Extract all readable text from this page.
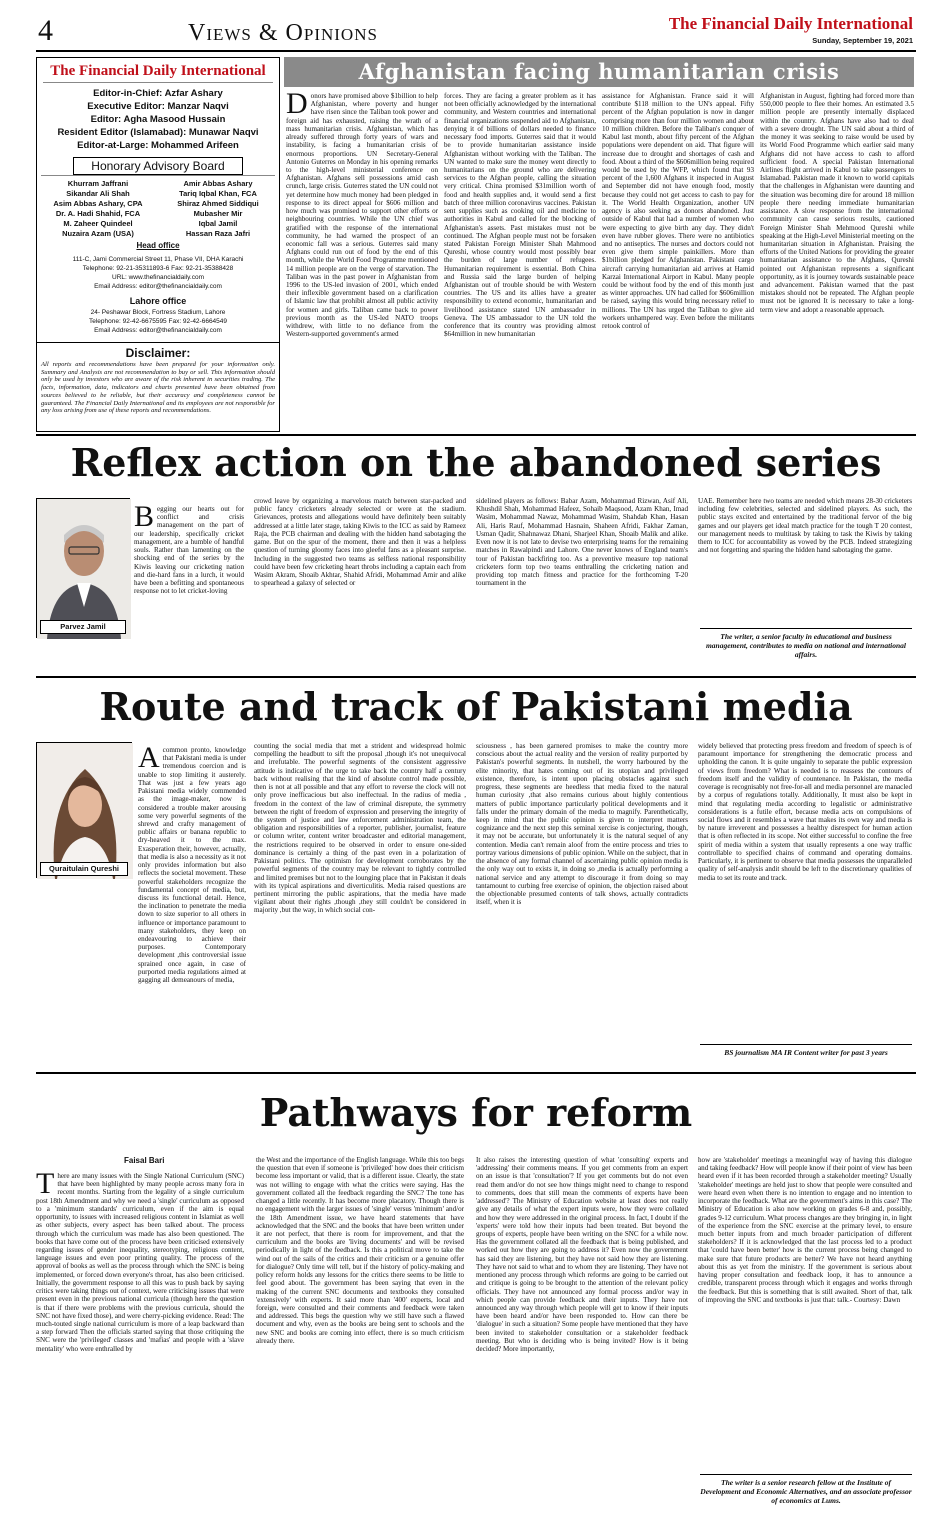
4	Views & Opinions	The Financial Daily International
Sunday, September 19, 2021
The Financial Daily International
Editor-in-Chief: Azfar Ashary
Executive Editor: Manzar Naqvi
Editor: Agha Masood Hussain
Resident Editor (Islamabad): Munawar Naqvi
Editor-at-Large: Mohammed Arifeen
Honorary Advisory Board
Khurram Jaffrani
Sikandar Ali Shah
Asim Abbas Ashary, CPA
Dr. A. Hadi Shahid, FCA
M. Zaheer Quindeel
Nuzaira Azam (USA)
Amir Abbas Ashary
Tariq Iqbal Khan, FCA
Shiraz Ahmed Siddiqui
Mubasher Mir
Iqbal Jamil
Hassan Raza Jafri
Head office
111-C, Jami Commercial Street 11, Phase VII, DHA Karachi
Telephone: 92-21-35311893-6 Fax: 92-21-35388428
URL: www.thefinancialdaily.com
Email Address: editor@thefinancialdaily.com
Lahore office
24- Peshawar Block, Fortress Stadium, Lahore
Telephone: 92-42-6675595 Fax: 92-42-6664549
Email Address: editor@thefinancialdaily.com
Disclaimer:
All reports and recommendations have been prepared for your information only. Summary and Analysis are not recommendation to buy or sell. This information should only be used by investors who are aware of the risk inherent in securities trading. The facts, information, data, indicators and charts presented have been obtained from sources believed to be reliable, but their accuracy and completeness cannot be guaranteed. The Financial Daily International and its employees are not responsible for any loss arising from use of these reports and recommendations.
Afghanistan facing humanitarian crisis
Donors have promised above $1billion to help Afghanistan, where poverty and hunger have risen since the Taliban took power and foreign aid has exhausted, raising the wrath of a mass humanitarian crisis. Afghanistan, which has already suffered through forty years of wars and instability, is facing a humanitarian crisis of enormous proportions. UN Secretary-General Antonio Guterres on Monday in his opening remarks to the high-level ministerial conference on Afghanistan. Afghans sell possessions amid cash crunch, large crisis. Guterres stated the UN could not yet determine how much money had been pledged in response to its direct appeal for $606 million and how much was promised to support other efforts or neighbouring countries. While the UN chief was gratified with the response of the international community, he had warned the prospect of an economic fall was a serious. Guterres said many Afghans could run out of food by the end of this month, while the World Food Programme mentioned 14 million people are on the verge of starvation. The Taliban was in the past power in Afghanistan from 1996 to the US-led invasion of 2001, which ended their inflexible government based on a clarification of Islamic law that prohibit almost all public activity for women and girls. Taliban came back to power previous month as the US-led NATO troops withdrew, with little to no defiance from the Western-supported government's armed
forces. They are facing a greater problem as it has not been officially acknowledged by the international community, and Western countries and international financial organizations suspended aid to Afghanistan, denying it of billions of dollars needed to finance necessary food imports. Guterres said that it would be to provide humanitarian assistance inside Afghanistan without working with the Taliban. The UN wanted to make sure the money went directly to humanitarians on the ground who are delivering services to the Afghan people, calling the situation very critical. China promised $31million worth of food and health supplies and, it would send a first batch of three million coronavirus vaccines. Pakistan sent supplies such as cooking oil and medicine to authorities in Kabul and called for the blocking of Afghanistan's assets. Past mistakes must not be continued. The Afghan people must not be forsaken stated Pakistan Foreign Minister Shah Mahmood Qureshi, whose country would most possibly bear the burden of large number of refugees. Humanitarian requirement is essential. Both China and Russia said the large burden of helping Afghanistan out of trouble should be with Western countries. The US and its allies have a greater responsibility to extend economic, humanitarian and livelihood assistance stated UN ambassador in Geneva. The US ambassador to the UN told the conference that its country was providing almost $64million in new humanitarian
assistance for Afghanistan. France said it will contribute $118 million to the UN's appeal. Fifty percent of the Afghan population is now in danger comprising more than four million women and about 10 million children. Before the Taliban's conquer of Kabul last month, about fifty percent of the Afghan populations were dependent on aid. That figure will increase due to drought and shortages of cash and food. About a third of the $606million being required would be used by the WFP, which found that 93 percent of the 1,600 Afghans it inspected in August and September did not have enough food, mostly because they could not get access to cash to pay for it. The World Health Organization, another UN agency is also seeking as donors abandoned. Just outside of Kabul that had a number of women who were expecting to give birth any day. They didn't even have rubber gloves. There were no antibiotics and no antiseptics. The nurses and doctors could not even give them simple painkillers. More than $1billion pledged for Afghanistan. Pakistani cargo aircraft carrying humanitarian aid arrives at Hamid Karzai International Airport in Kabul. Many people could be without food by the end of this month just as winter approaches. UN had called for $606million be raised, saying this would bring necessary relief to millions. The UN has urged the Taliban to give aid workers unhampered way. Even before the militants retook control of
Afghanistan in August, fighting had forced more than 550,000 people to flee their homes. An estimated 3.5 million people are presently internally displaced within the country. Afghans have also had to deal with a severe drought. The UN said about a third of the money it was seeking to raise would be used by its World Food Programme which earlier said many Afghans did not have access to cash to afford sufficient food. A special Pakistan International Airlines flight arrived in Kabul to take passengers to Islamabad. Pakistan made it known to world capitals that the challenges in Afghanistan were daunting and the situation was becoming dire for around 18 million people there needing immediate humanitarian assistance. A slow response from the international community can cause serious results, cautioned Foreign Minister Shah Mehmood Qureshi while speaking at the High-Level Ministerial meeting on the humanitarian situation in Afghanistan. Praising the efforts of the United Nations for providing the greater humanitarian assistance to the Afghans, Qureshi pointed out Afghanistan represents a significant opportunity, as it is journey towards sustainable peace and advancement. Pakistan warned that the past mistakes should not be repeated. The Afghan people must not be ignored It is necessary to take a long-term view and adopt a reasonable approach.
Reflex action on the abandoned series
Parvez Jamil
Begging our hearts out for conflict and crisis management on the part of our leadership, specifically cricket management, are a humble of handful souls. Rather than lamenting on the shocking end of the series by the Kiwis leaving our cricketing nation and die-hard fans in a lurch, it would have been a befitting and spontaneous response not to let cricket-loving
crowd leave by organizing a marvelous match between star-packed and public fancy cricketers already selected or were at the stadium. Grievances, protests and allegations would have definitely been suitably addressed at a little later stage, taking Kiwis to the ICC as said by Rameez Raja, the PCB chairman and dealing with the hidden hand sabotaging the game. But on the spur of the moment, there and then it was a helpless question of turning gloomy faces into gleeful fans as a pleasant surprise. Including in the suggested two teams as selfless national responsibility could have been few cricketing heart throbs including a captain each from Wasim Akram, Shoaib Akhtar, Shahid Afridi, Mohammad Amir and alike to spearhead a galaxy of selected or
sidelined players as follows: Babar Azam, Mohammad Rizwan, Asif Ali, Khushdil Shah, Mohammad Hafeez, Sohaib Maqsood, Azam Khan, Imad Wasim, Mohammad Nawaz, Mohammad Wasim, Shahdab Khan, Hasan Ali, Haris Rauf, Mohammad Hasnain, Shaheen Afridi, Fakhar Zaman, Usman Qadir, Shahnawaz Dhani, Sharjeel Khan, Shoaib Malik and alike. Even now it is not late to devise two enterprising teams for the remaining matches in Rawalpindi and Lahore. One never knows of England team's tour of Pakistan backfiring too. As a preventive measure top national cricketers form top two teams enthralling the cricketing nation and providing top match fitness and practice for the forthcoming T-20 tournament in the
UAE. Remember here two teams are needed which means 28-30 cricketers including few celebrities, selected and sidelined players. As such, the public stays excited and entertained by the traditional fervor of the big games and our players get ideal match practice for the tough T 20 contest, our management needs to multitask by taking to task the Kiwis by taking them to ICC for accountability as vowed by the PCB. Indeed strategizing and not forgetting and sparing the hidden hand sabotaging the game.
The writer, a senior faculty in educational and business management, contributes to media on national and international affairs.
Route and track of Pakistani media
Quraitulain Qureshi
Acommon pronto, knowledge that Pakistani media is under tremendous coercion and is unable to stop limiting it austerely. That was just a few years ago Pakistani media widely commended as the image-maker, now is considered a trouble maker arousing some very powerful segments of the shrewd and crafty management of public affairs or banana republic to dry-heaved it to the max. Exasperation their, however, actually, that media is also a necessity as it not only provides information but also reflects the societal movement. These powerful stakeholders recognize the fundamental concept of media, but, discuss its functional detail. Hence, the inclination to penetrate the media down to size superior to all others in influence or importance paramount to many stakeholders, they keep on endeavouring to achieve their purposes. Contemporary development ,this controversial issue sprained once again, in case of purported media regulations aimed at gagging all demeanours of media,
counting the social media that met a strident and widespread holmic compelling the headbutt to sift the proposal ,though it's not unequivocal and irrefutable. The powerful segments of the consistent aggressive attitude is indicative of the urge to take back the country half a century back without realising that the kind of absolute control made possible, then is not at all possible and that any effort to reverse the clock will not only prove inefficacious but also ineffectual. In the radius of media , freedom in the context of the law of criminal disrepute, the symmetry between the right of freedom of expression and preserving the integrity of the system of justice and law enforcement administration team, the obligation and responsibilities of a reporter, publisher, journalist, feature or column writer, content writer broadcaster and editorial management, the restrictions required to be observed in order to ensure one-sided dominance is certainly a thing of the past even in a polarization of Pakistani politics. The optimism for development corroborates by the powerful segments of the country may be relevant to tightly controlled and limited premises but not to the lounging place that in Pakistan it deals with its typical aspirations and diverticulitis. Media raised questions are pertinent mirroring the public aspirations, that the media have made vigilant about their rights ,though ,they still couldn't be considered in majority ,but the way, in which social con-
sciousness , has been garnered promises to make the country more conscious about the actual reality and the version of reality purported by Pakistan's powerful segments. In nutshell, the worry harboured by the elite minority, that hates coming out of its utopian and privileged existence, therefore, is intent upon placing obstacles against such progress, these segments are heedless that media fixed to the natural human curiosity ,that also remains curious about highly contentious matters of public importance particularly political developments and it falls under the primary domain of the media to magnify. Parenthetically, keep in mind that the public opinion is given to interpret matters cognizance and the next step this seminal xercise is conjecturing, though, it may not be accurate, but unfortunately it is the natural sequel of any contention. Media can't remain aloof from the entire process and tries to portray various dimensions of public opinion. While on the subject, that in the absence of any formal channel of ascertaining public opinion media is the only way out to exists it, in doing so ,media is actually performing a national service and any attempt to discourage it from doing so may tantamount to curbing free exercise of opinion, the objection raised about the objectionable presumed contents of talk shows, actually contradicts itself, when it is
widely believed that protecting press freedom and freedom of speech is of paramount importance for strengthening the democratic process and upholding the canon. It is quite ungainly to separate the public expression of views from freedom? What is needed is to reassess the contours of freedom itself and the validity of countenance. In Pakistan, the media coverage is recognisably not free-for-all and media personnel are manacled by a corpus of regulations totally. Additionally, It must also be kept in mind that regulating media according to legalistic or administrative considerations is a futile effort, because media acts on compulsions of social flows and it resembles a wave that makes its own way and media is by nature irreverent and possesses a healthy disrespect for human action that is often reflected in its scope. Not either successful to confine the free spirit of media within a system that usually represents a one way traffic controllable to specified chains of command and operating domains. Particularly, it is pertinent to observe that media possesses the unparalleled quality of self-analysis andit should be left to the discretionary qualities of media to set its route and track.
BS journalism MA IR Content writer for past 3 years
Pathways for reform
Faisal Bari
There are many issues with the Single National Curriculum (SNC) that have been highlighted by many people across many fora in recent months. Starting from the legality of a single curriculum post 18th Amendment and why we need a 'single' curriculum as opposed to a 'minimum standards' curriculum, even if the aim is equal opportunity, to issues with increased religious content in Islamiat as well as other subjects, every aspect has been talked about. The process through which the curriculum was made has also been questioned. The books that have come out of the process have been criticised extensively regarding issues of gender inequality, stereotyping, religious content, language issues and even poor printing quality. The process of the approval of books as well as the process through which the SNC is being implemented, or forced down everyone's throat, has also been criticised. Initially, the government response to all this was to push back by saying critics were taking things out of context, were criticising issues that were present even in the previous national curricula (though here the question is that if there were problems with the previous curricula, should the SNC not have fixed those), and were cherry-picking evidence. Read: The much-touted single national curriculum is more of a leap backward than a step forward Then the officials started saying that those critiquing the SNC were the 'privileged' classes and 'mafias' and people with a 'slave mentality' who were enthralled by
the West and the importance of the English language. While this too begs the question that even if someone is 'privileged' how does their criticism become less important or valid, that is a different issue. Clearly, the state was not willing to engage with what the critics were saying. Has the government collated all the feedback regarding the SNC? The tone has changed a little recently. It has become more placatory. Though there is no engagement with the larger issues of 'single' versus 'minimum' and/or the 18th Amendment issue, we have heard statements that have acknowledged that the SNC and the books that have been written under it are not perfect, that there is room for improvement, and that the curriculum and the books are 'living documents' and will be revised periodically in light of the feedback. Is this a political move to take the wind out of the sails of the critics and their criticism or a genuine offer for dialogue? Only time will tell, but if the history of policy-making and policy reform holds any lessons for the critics there seems to be little to feel good about. The government has been saying that even in the making of the current SNC documents and textbooks they consulted 'extensively' with experts. It said more than '400' experts, local and foreign, were consulted and their comments and feedback were taken and addressed. This begs the question why we still have such a flawed document and why, even as the books are being sent to schools and the new SNC and books are coming into effect, there is so much criticism already there.
It also raises the interesting question of what 'consulting' experts and 'addressing' their comments means. If you get comments from an expert on an issue is that 'consultation'? If you get comments but do not even read them and/or do not see how things might need to change to respond to comments, does that still mean the comments of experts have been 'addressed'? The Ministry of Education website at least does not really give any details of what the expert inputs were, how they were collated and how they were addressed in the original process. In fact, I doubt if the 'experts' were told how their inputs had been treated. But beyond the groups of experts, people have been writing on the SNC for a while now. Has the government collated all the feedback that is being published, and worked out how they are going to address it? Even now the government has said they are listening, but they have not said how they are listening. They have not said to what and to whom they are listening. They have not mentioned any process through which reforms are going to be carried out and critique is going to be brought to the attention of the relevant policy officials. They have not announced any formal process and/or way in which people can provide feedback and their inputs. They have not announced any way through which people will get to know if their inputs have been heard and/or have been responded to. How can there be 'dialogue' in such a situation? Some people have mentioned that they have been invited to stakeholder consultation or a stakeholder feedback meeting. But who is deciding who is being invited? How is it being decided? More importantly,
how are 'stakeholder' meetings a meaningful way of having this dialogue and taking feedback? How will people know if their point of view has been heard even if it has been recorded through a stakeholder meeting? Usually 'stakeholder' meetings are held just to show that people were consulted and were heard even when there is no intention to engage and no intention to incorporate the feedback. What are the government's aims in this case? The Ministry of Education is also now working on grades 6-8 and, possibly, grades 9-12 curriculum. What process changes are they bringing in, in light of the experience from the SNC exercise at the primary level, to ensure much better inputs from and much broader participation of different stakeholders? If it is acknowledged that the last process led to a product that 'could have been better' how is the current process being changed to make sure that future products are better? We have not heard anything about this as yet from the ministry. If the government is serious about having proper consultation and feedback loop, it has to announce a credible, transparent process through which it engages and works through the feedback. But this is something that is still awaited. Short of that, talk of improving the SNC and textbooks is just that: talk.- Courtesy: Dawn
The writer is a senior research fellow at the Institute of Development and Economic Alternatives, and an associate professor of economics at Lums.
